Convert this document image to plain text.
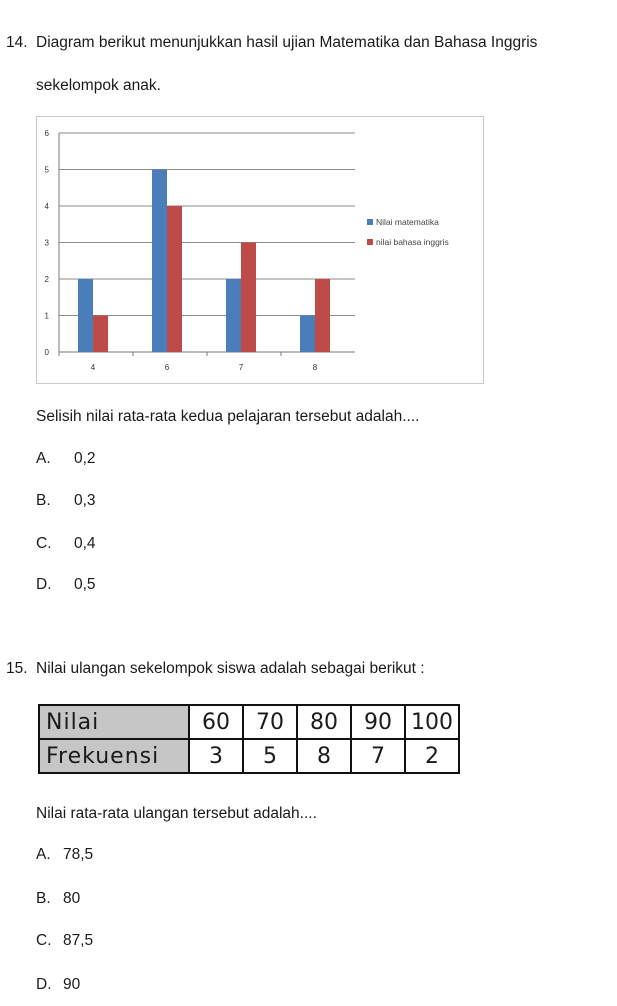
14. Diagram berikut menunjukkan hasil ujian Matematika dan Bahasa Inggris
sekelompok anak.
0
1
2
3
4
5
6
4	6	7	8
Nilai matematika
nilai bahasa inggris
Selisih nilai rata-rata kedua pelajaran tersebut adalah....
A. 0,2
B. 0,3
C. 0,4
D. 0,5
15. Nilai ulangan sekelompok siswa adalah sebagai berikut :
Nilai	60	70	80	90	100
Frekuensi	3	5	8	7	2
Nilai rata-rata ulangan tersebut adalah....
A. 78,5
B. 80
C. 87,5
D. 90
